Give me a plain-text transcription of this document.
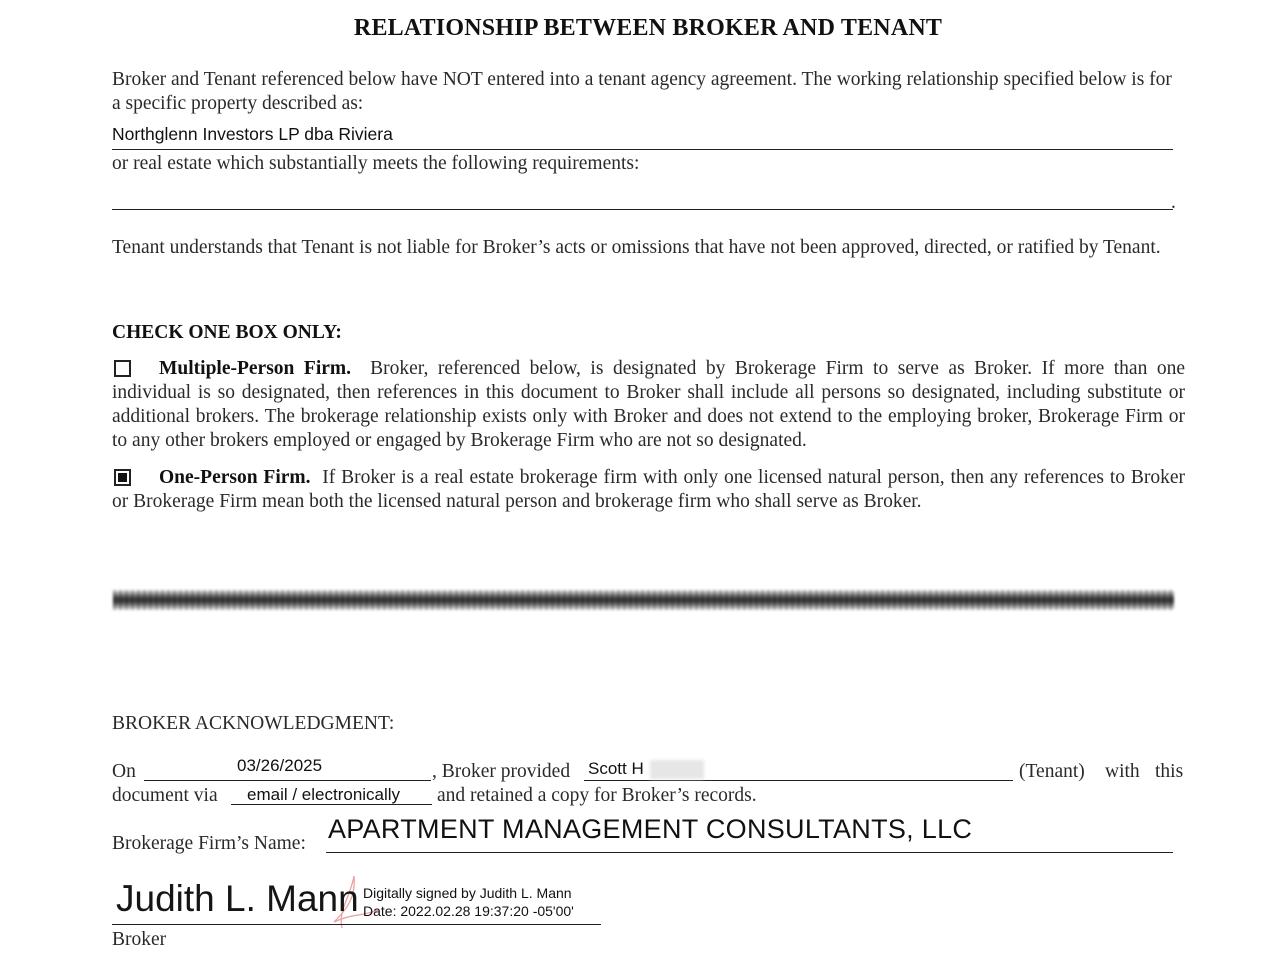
RELATIONSHIP BETWEEN BROKER AND TENANT
Broker and Tenant referenced below have NOT entered into a tenant agency agreement. The working relationship specified below is for a specific property described as:
Northglenn Investors LP dba Riviera
or real estate which substantially meets the following requirements:
.
Tenant understands that Tenant is not liable for Broker’s acts or omissions that have not been approved, directed, or ratified by Tenant.
CHECK ONE BOX ONLY:
Multiple-Person Firm. Broker, referenced below, is designated by Brokerage Firm to serve as Broker. If more than one individual is so designated, then references in this document to Broker shall include all persons so designated, including substitute or additional brokers. The brokerage relationship exists only with Broker and does not extend to the employing broker, Brokerage Firm or to any other brokers employed or engaged by Brokerage Firm who are not so designated.
One-Person Firm. If Broker is a real estate brokerage firm with only one licensed natural person, then any references to Broker or Brokerage Firm mean both the licensed natural person and brokerage firm who shall serve as Broker.
BROKER ACKNOWLEDGMENT:
On	03/26/2025	, Broker provided Scott H	(Tenant) with this
document via email / electronically and retained a copy for Broker’s records.
Brokerage Firm’s Name: APARTMENT MANAGEMENT CONSULTANTS, LLC
Judith L. Mann Digitally signed by Judith L. Mann
Date: 2022.02.28 19:37:20 -05'00'
Broker
